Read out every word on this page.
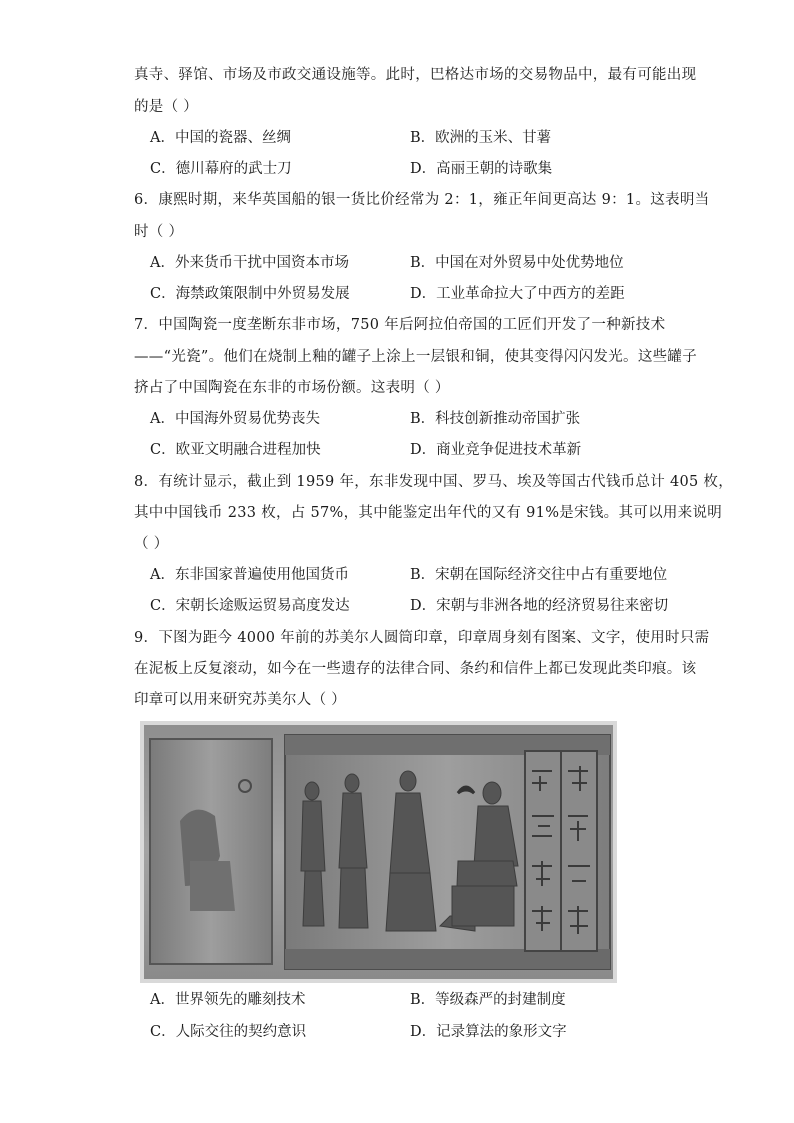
真寺、驿馆、市场及市政交通设施等。此时，巴格达市场的交易物品中，最有可能出现
的是（ ）
A．中国的瓷器、丝绸	B．欧洲的玉米、甘薯
C．德川幕府的武士刀	D．高丽王朝的诗歌集
6．康熙时期，来华英国船的银一货比价经常为 2：1，雍正年间更高达 9：1。这表明当
时（ ）
A．外来货币干扰中国资本市场	B．中国在对外贸易中处优势地位
C．海禁政策限制中外贸易发展	D．工业革命拉大了中西方的差距
7．中国陶瓷一度垄断东非市场，750 年后阿拉伯帝国的工匠们开发了一种新技术
——“光瓷”。他们在烧制上釉的罐子上涂上一层银和铜，使其变得闪闪发光。这些罐子
挤占了中国陶瓷在东非的市场份额。这表明（ ）
A．中国海外贸易优势丧失	B．科技创新推动帝国扩张
C．欧亚文明融合进程加快	D．商业竞争促进技术革新
8．有统计显示，截止到 1959 年，东非发现中国、罗马、埃及等国古代钱币总计 405 枚，
其中中国钱币 233 枚，占 57%，其中能鉴定出年代的又有 91%是宋钱。其可以用来说明
（ ）
A．东非国家普遍使用他国货币	B．宋朝在国际经济交往中占有重要地位
C．宋朝长途贩运贸易高度发达	D．宋朝与非洲各地的经济贸易往来密切
9．下图为距今 4000 年前的苏美尔人圆筒印章，印章周身刻有图案、文字，使用时只需
在泥板上反复滚动，如今在一些遗存的法律合同、条约和信件上都已发现此类印痕。该
印章可以用来研究苏美尔人（ ）
A．世界领先的雕刻技术	B．等级森严的封建制度
C．人际交往的契约意识	D．记录算法的象形文字
